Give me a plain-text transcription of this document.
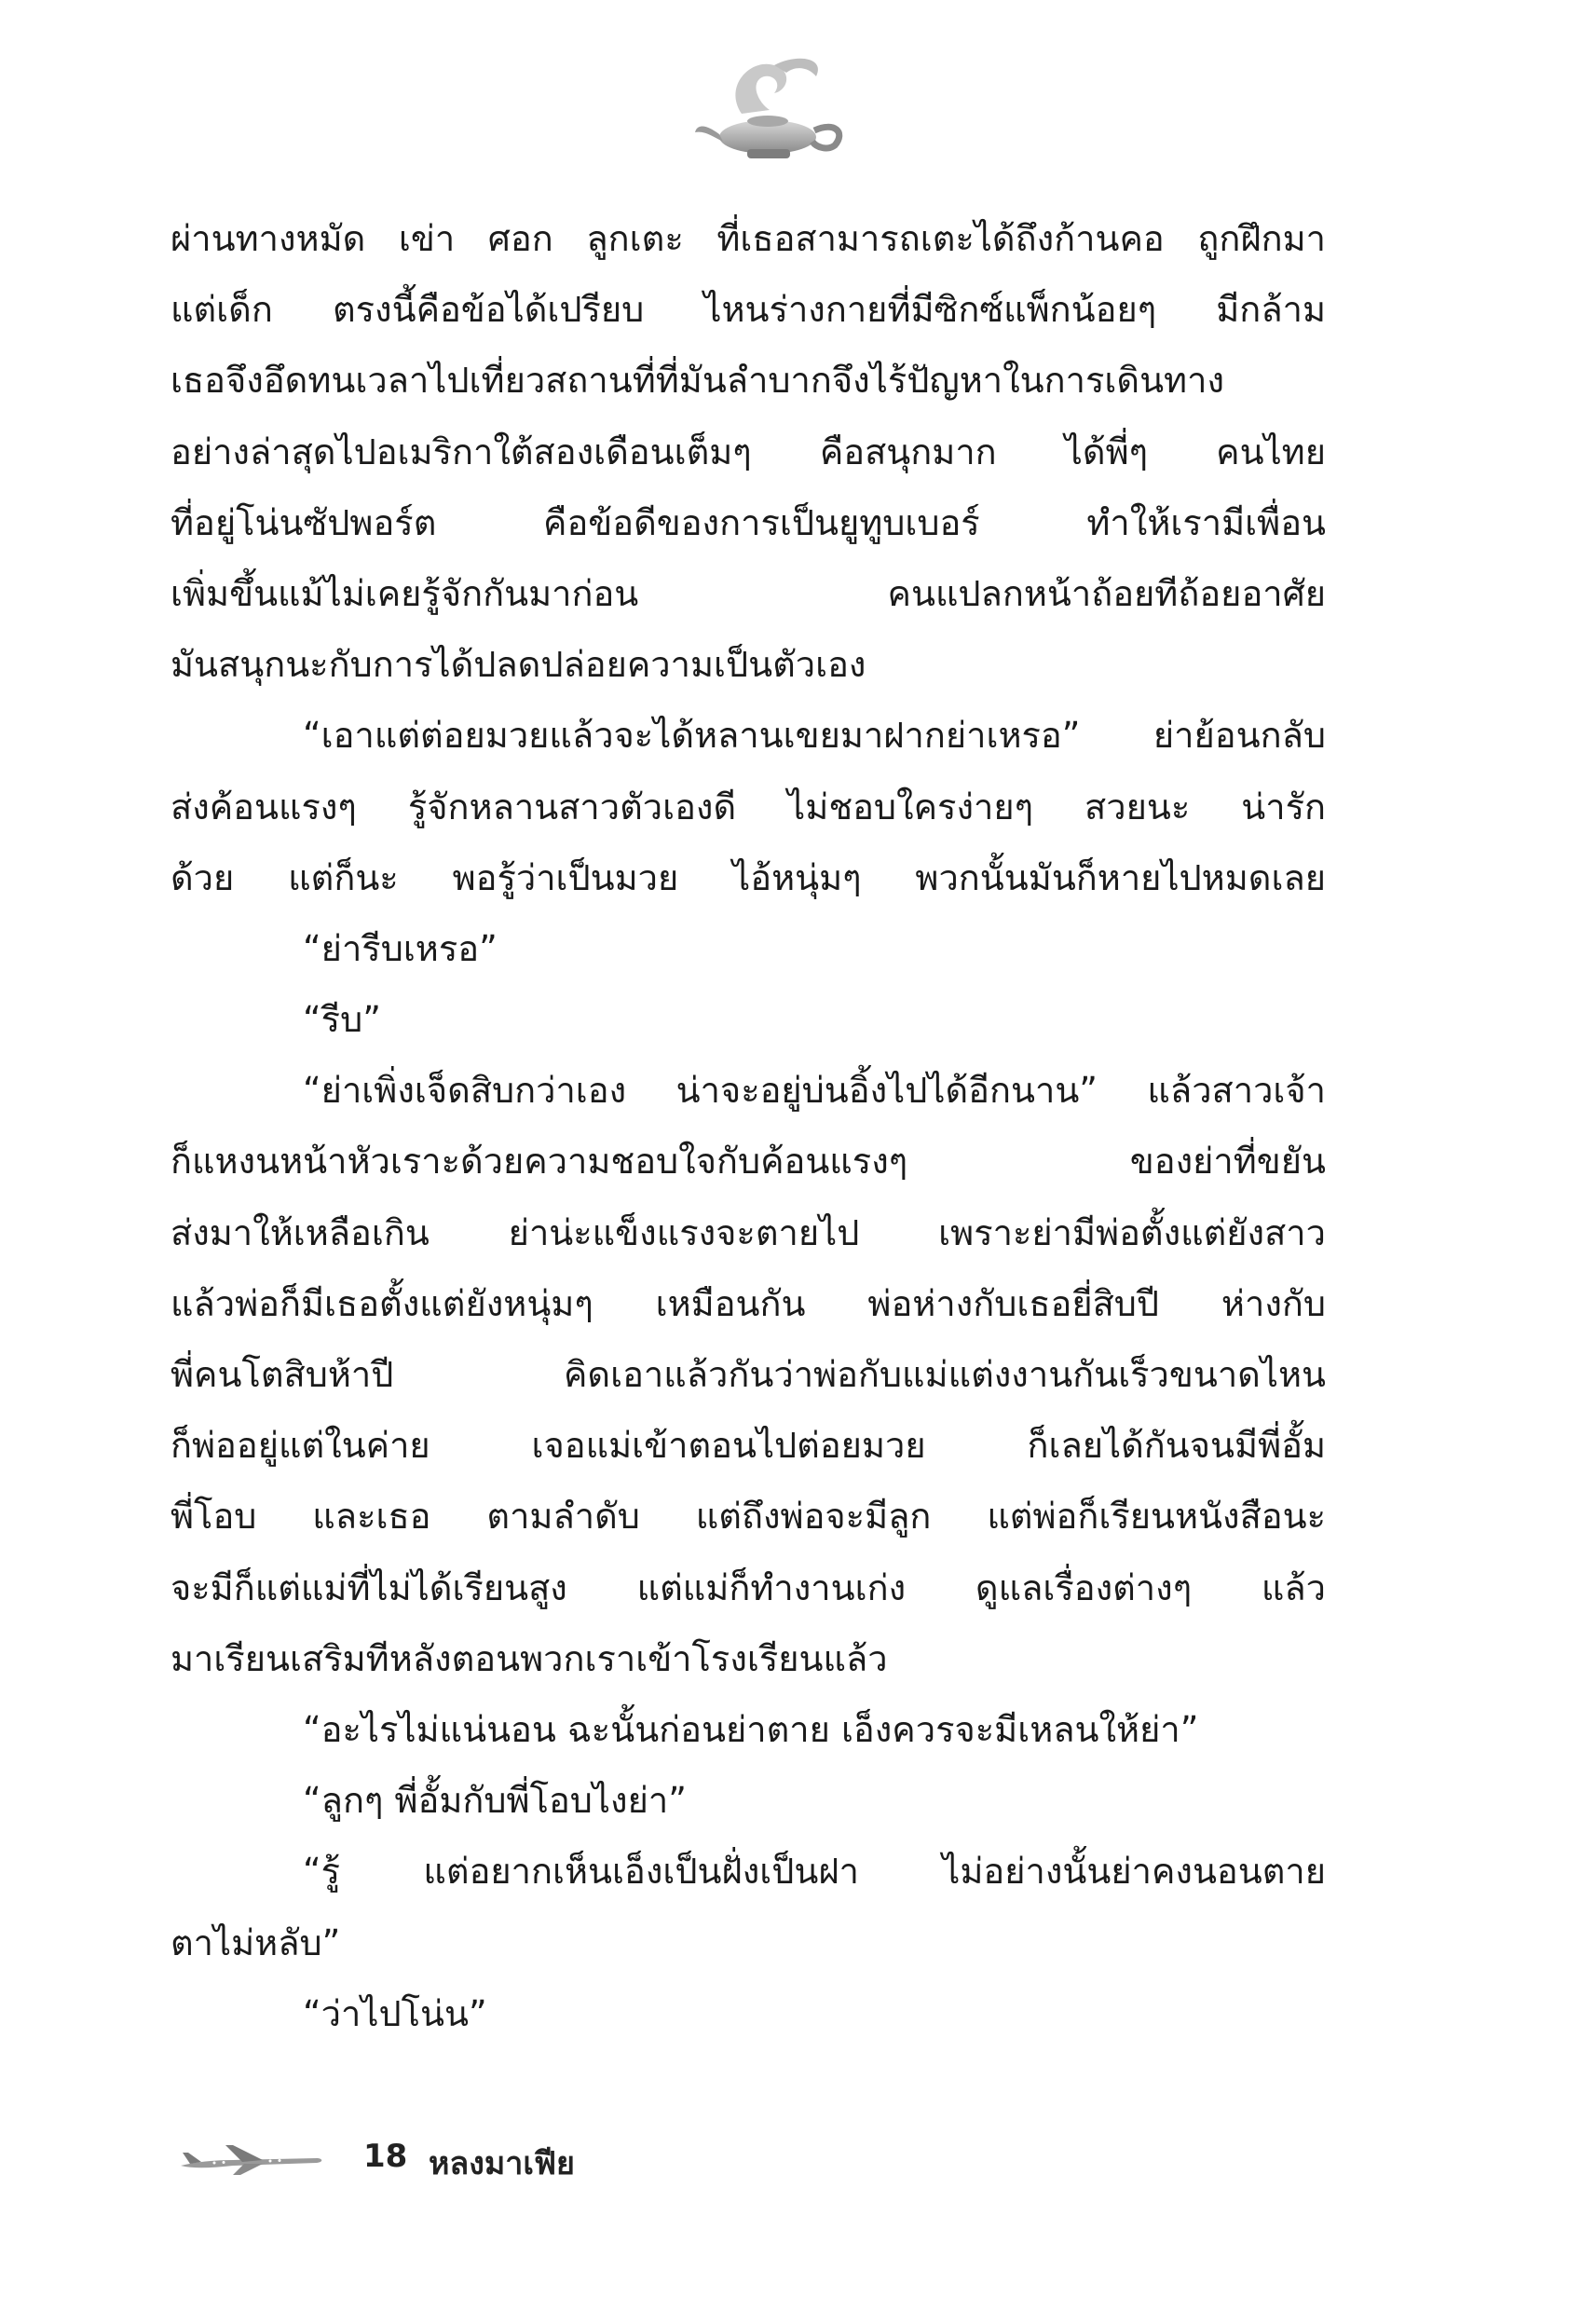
ผ่านทางหมัด เข่า ศอก ลูกเตะ ที่เธอสามารถเตะได้ถึงก้านคอ ถูกฝึกมา
แต่เด็ก ตรงนี้คือข้อได้เปรียบ ไหนร่างกายที่มีซิกซ์แพ็กน้อยๆ มีกล้าม
เธอจึงอึดทนเวลาไปเที่ยวสถานที่ที่มันลำบากจึงไร้ปัญหาในการเดินทาง
อย่างล่าสุดไปอเมริกาใต้สองเดือนเต็มๆ คือสนุกมาก ได้พี่ๆ คนไทย
ที่อยู่โน่นซัปพอร์ต คือข้อดีของการเป็นยูทูบเบอร์ ทำให้เรามีเพื่อน
เพิ่มขึ้นแม้ไม่เคยรู้จักกันมาก่อน คนแปลกหน้าถ้อยทีถ้อยอาศัย
มันสนุกนะกับการได้ปลดปล่อยความเป็นตัวเอง
“เอาแต่ต่อยมวยแล้วจะได้หลานเขยมาฝากย่าเหรอ” ย่าย้อนกลับ
ส่งค้อนแรงๆ รู้จักหลานสาวตัวเองดี ไม่ชอบใครง่ายๆ สวยนะ น่ารัก
ด้วย แต่ก็นะ พอรู้ว่าเป็นมวย ไอ้หนุ่มๆ พวกนั้นมันก็หายไปหมดเลย
“ย่ารีบเหรอ”
“รีบ”
“ย่าเพิ่งเจ็ดสิบกว่าเอง น่าจะอยู่บ่นอิ้งไปได้อีกนาน” แล้วสาวเจ้า
ก็แหงนหน้าหัวเราะด้วยความชอบใจกับค้อนแรงๆ ของย่าที่ขยัน
ส่งมาให้เหลือเกิน ย่าน่ะแข็งแรงจะตายไป เพราะย่ามีพ่อตั้งแต่ยังสาว
แล้วพ่อก็มีเธอตั้งแต่ยังหนุ่มๆ เหมือนกัน พ่อห่างกับเธอยี่สิบปี ห่างกับ
พี่คนโตสิบห้าปี คิดเอาแล้วกันว่าพ่อกับแม่แต่งงานกันเร็วขนาดไหน
ก็พ่ออยู่แต่ในค่าย เจอแม่เข้าตอนไปต่อยมวย ก็เลยได้กันจนมีพี่อั้ม
พี่โอบ และเธอ ตามลำดับ แต่ถึงพ่อจะมีลูก แต่พ่อก็เรียนหนังสือนะ
จะมีก็แต่แม่ที่ไม่ได้เรียนสูง แต่แม่ก็ทำงานเก่ง ดูแลเรื่องต่างๆ แล้ว
มาเรียนเสริมทีหลังตอนพวกเราเข้าโรงเรียนแล้ว
“อะไรไม่แน่นอน ฉะนั้นก่อนย่าตาย เอ็งควรจะมีเหลนให้ย่า”
“ลูกๆ พี่อั้มกับพี่โอบไงย่า”
“รู้ แต่อยากเห็นเอ็งเป็นฝั่งเป็นฝา ไม่อย่างนั้นย่าคงนอนตาย
ตาไม่หลับ”
“ว่าไปโน่น”
18 หลงมาเฟีย
